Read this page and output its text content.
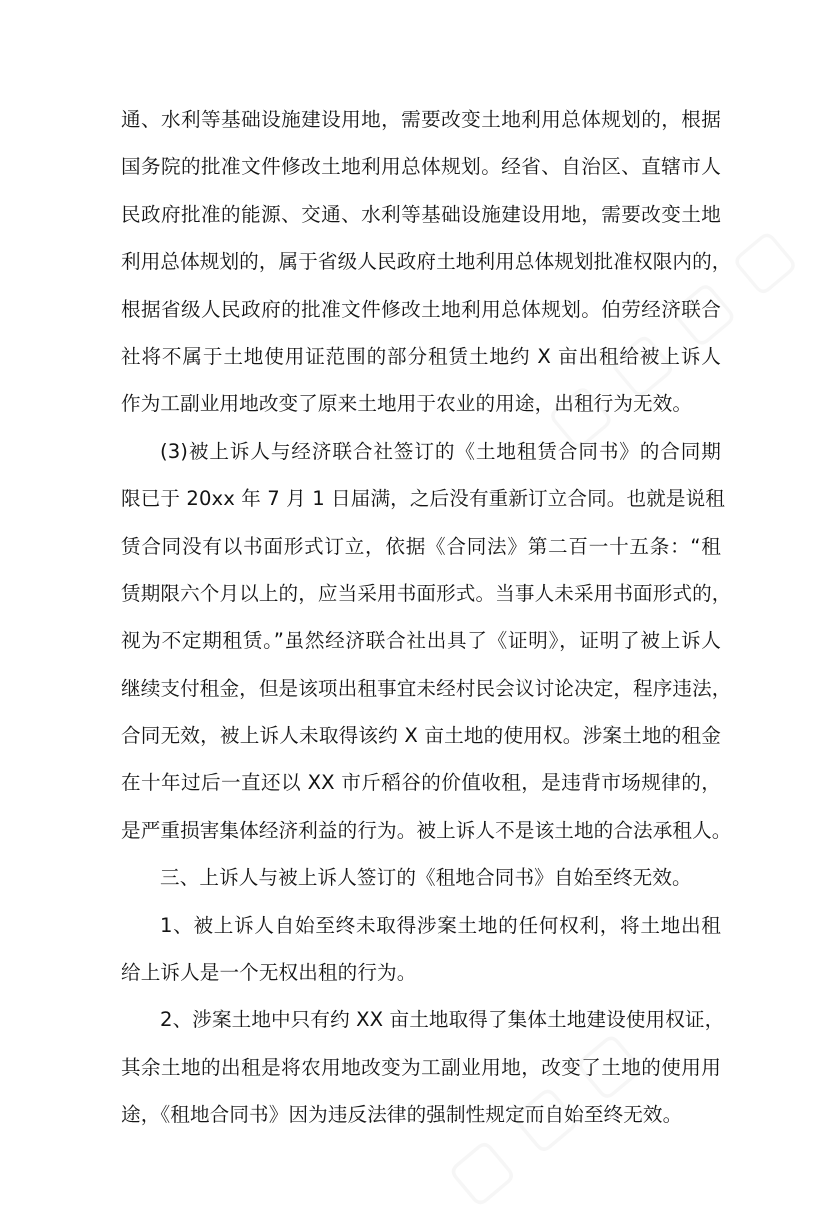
通、水利等基础设施建设用地，需要改变土地利用总体规划的，根据
国务院的批准文件修改土地利用总体规划。经省、自治区、直辖市人
民政府批准的能源、交通、水利等基础设施建设用地，需要改变土地
利用总体规划的，属于省级人民政府土地利用总体规划批准权限内的，
根据省级人民政府的批准文件修改土地利用总体规划。伯劳经济联合
社将不属于土地使用证范围的部分租赁土地约 X 亩出租给被上诉人
作为工副业用地改变了原来土地用于农业的用途，出租行为无效。
(3)被上诉人与经济联合社签订的《土地租赁合同书》的合同期
限已于 20xx 年 7 月 1 日届满，之后没有重新订立合同。也就是说租
赁合同没有以书面形式订立，依据《合同法》第二百一十五条：“租
赁期限六个月以上的，应当采用书面形式。当事人未采用书面形式的，
视为不定期租赁。”虽然经济联合社出具了《证明》，证明了被上诉人
继续支付租金，但是该项出租事宜未经村民会议讨论决定，程序违法，
合同无效，被上诉人未取得该约 X 亩土地的使用权。涉案土地的租金
在十年过后一直还以 XX 市斤稻谷的价值收租，是违背市场规律的，
是严重损害集体经济利益的行为。被上诉人不是该土地的合法承租人。
三、上诉人与被上诉人签订的《租地合同书》自始至终无效。
1、被上诉人自始至终未取得涉案土地的任何权利，将土地出租
给上诉人是一个无权出租的行为。
2、涉案土地中只有约 XX 亩土地取得了集体土地建设使用权证，
其余土地的出租是将农用地改变为工副业用地，改变了土地的使用用
途，《租地合同书》因为违反法律的强制性规定而自始至终无效。
